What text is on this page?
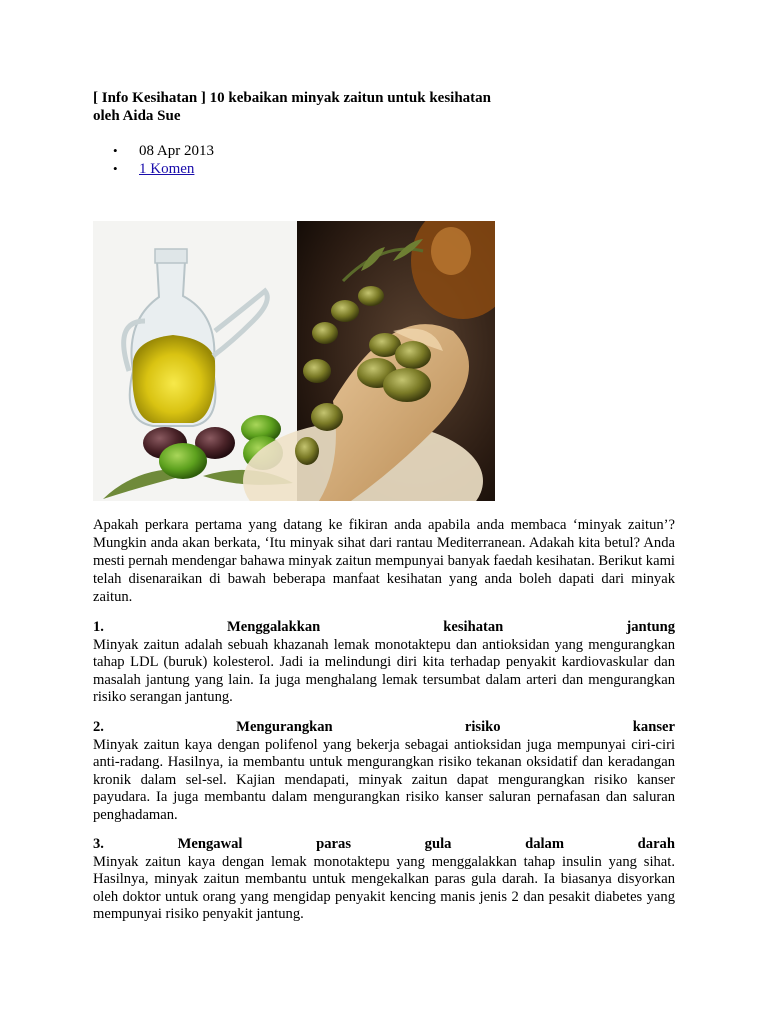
[ Info Kesihatan ] 10 kebaikan minyak zaitun untuk kesihatan
oleh Aida Sue
• 08 Apr 2013
• 1 Komen
Apakah perkara pertama yang datang ke fikiran anda apabila anda membaca ‘minyak zaitun’? Mungkin anda akan berkata, ‘Itu minyak sihat dari rantau Mediterranean. Adakah kita betul? Anda mesti pernah mendengar bahawa minyak zaitun mempunyai banyak faedah kesihatan. Berikut kami telah disenaraikan di bawah beberapa manfaat kesihatan yang anda boleh dapati dari minyak zaitun.
1.	Menggalakkan	kesihatan	jantung
Minyak zaitun adalah sebuah khazanah lemak monotaktepu dan antioksidan yang mengurangkan tahap LDL (buruk) kolesterol. Jadi ia melindungi diri kita terhadap penyakit kardiovaskular dan masalah jantung yang lain. Ia juga menghalang lemak tersumbat dalam arteri dan mengurangkan risiko serangan jantung.
2.	Mengurangkan	risiko	kanser
Minyak zaitun kaya dengan polifenol yang bekerja sebagai antioksidan juga mempunyai ciri-ciri anti-radang. Hasilnya, ia membantu untuk mengurangkan risiko tekanan oksidatif dan keradangan kronik dalam sel-sel. Kajian mendapati, minyak zaitun dapat mengurangkan risiko kanser payudara. Ia juga membantu dalam mengurangkan risiko kanser saluran pernafasan dan saluran penghadaman.
3.	Mengawal	paras	gula	dalam	darah
Minyak zaitun kaya dengan lemak monotaktepu yang menggalakkan tahap insulin yang sihat. Hasilnya, minyak zaitun membantu untuk mengekalkan paras gula darah. Ia biasanya disyorkan oleh doktor untuk orang yang mengidap penyakit kencing manis jenis 2 dan pesakit diabetes yang mempunyai risiko penyakit jantung.
